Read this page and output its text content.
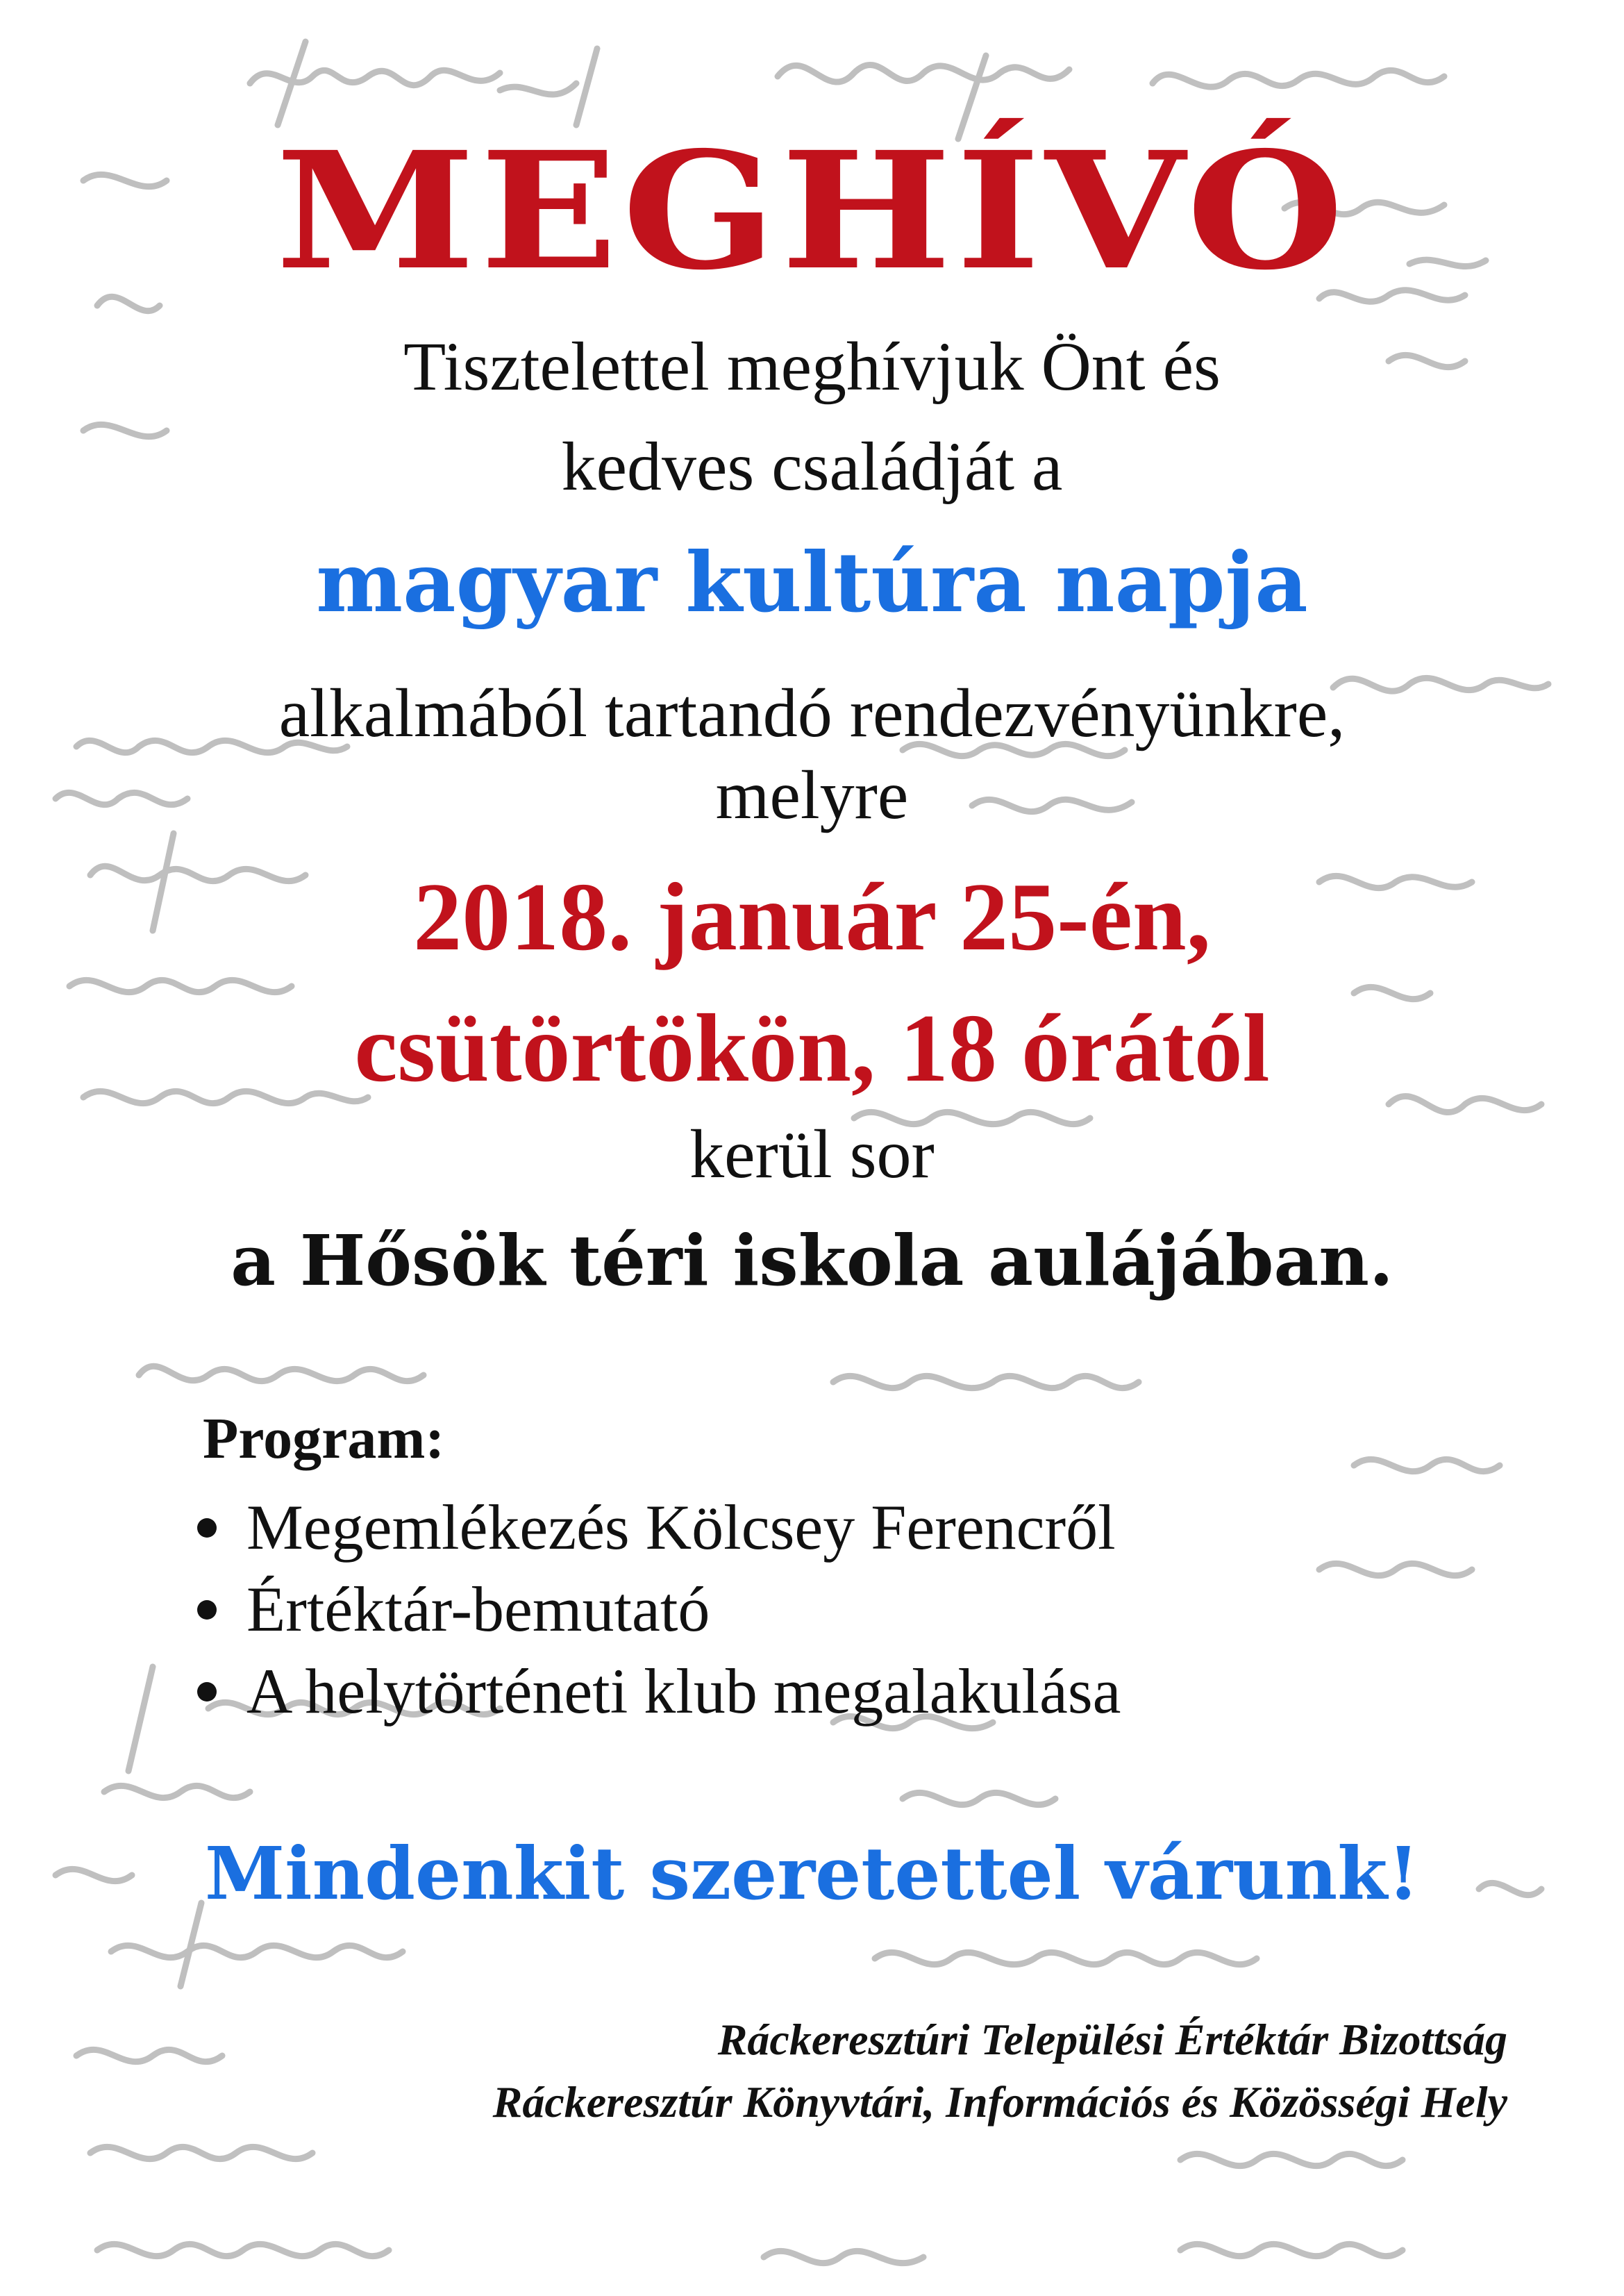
MEGHÍVÓ
Tisztelettel meghívjuk Önt és
kedves családját a
magyar kultúra napja
alkalmából tartandó rendezvényünkre,
melyre
2018. január 25-én,
csütörtökön, 18 órától
kerül sor
a Hősök téri iskola aulájában.
Program:
Megemlékezés Kölcsey Ferencről
Értéktár-bemutató
A helytörténeti klub megalakulása
Mindenkit szeretettel várunk!
Ráckeresztúri Települési Értéktár Bizottság
Ráckeresztúr Könyvtári, Információs és Közösségi Hely
